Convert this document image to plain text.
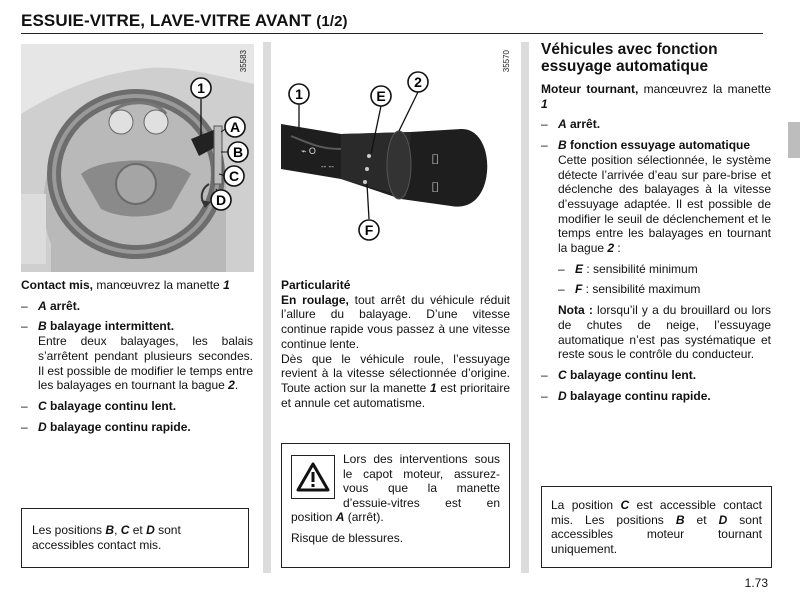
ESSUIE-VITRE, LAVE-VITRE AVANT (1/2)
1
A
B
C
D
35583
⌁ O
-- --	⌷
⌷
1
2
E
F
35570

Contact mis, manœuvrez la manette 1

– A arrêt.
– B balayage intermittent.
Entre deux balayages, les balais s’arrêtent pendant plusieurs secondes. Il est possible de modifier le temps entre les balayages en tournant la bague 2.
– C balayage continu lent.
– D balayage continu rapide.
Les positions B, C et D sont accessibles contact mis.

Particularité

En roulage, tout arrêt du véhicule réduit l’allure du balayage. D’une vitesse continue rapide vous passez à une vitesse continue lente.

Dès que le véhicule roule, l’essuyage revient à la vitesse sélectionnée d’origine. Toute action sur la manette 1 est prioritaire et annule cet automatisme.

Lors des interventions sous le capot moteur, assurez-vous que la manette d’essuie-vitres est en position A (arrêt).
Risque de blessures.
Véhicules avec fonction essuyage automatique

Moteur tournant, manœuvrez la manette 1

– A arrêt.
– B fonction essuyage automatique
Cette position sélectionnée, le système détecte l’arrivée d’eau sur pare-brise et déclenche des balayages à la vitesse d’essuyage adaptée. Il est possible de modifier le seuil de déclenchement et le temps entre les balayages en tournant la bague 2 :
– E : sensibilité minimum
– F : sensibilité maximum
Nota : lorsqu’il y a du brouillard ou lors de chutes de neige, l’essuyage automatique n’est pas systématique et reste sous le contrôle du conducteur.
– C balayage continu lent.
– D balayage continu rapide.
La position C est accessible contact mis. Les positions B et D sont accessibles moteur tournant uniquement.
1.73
